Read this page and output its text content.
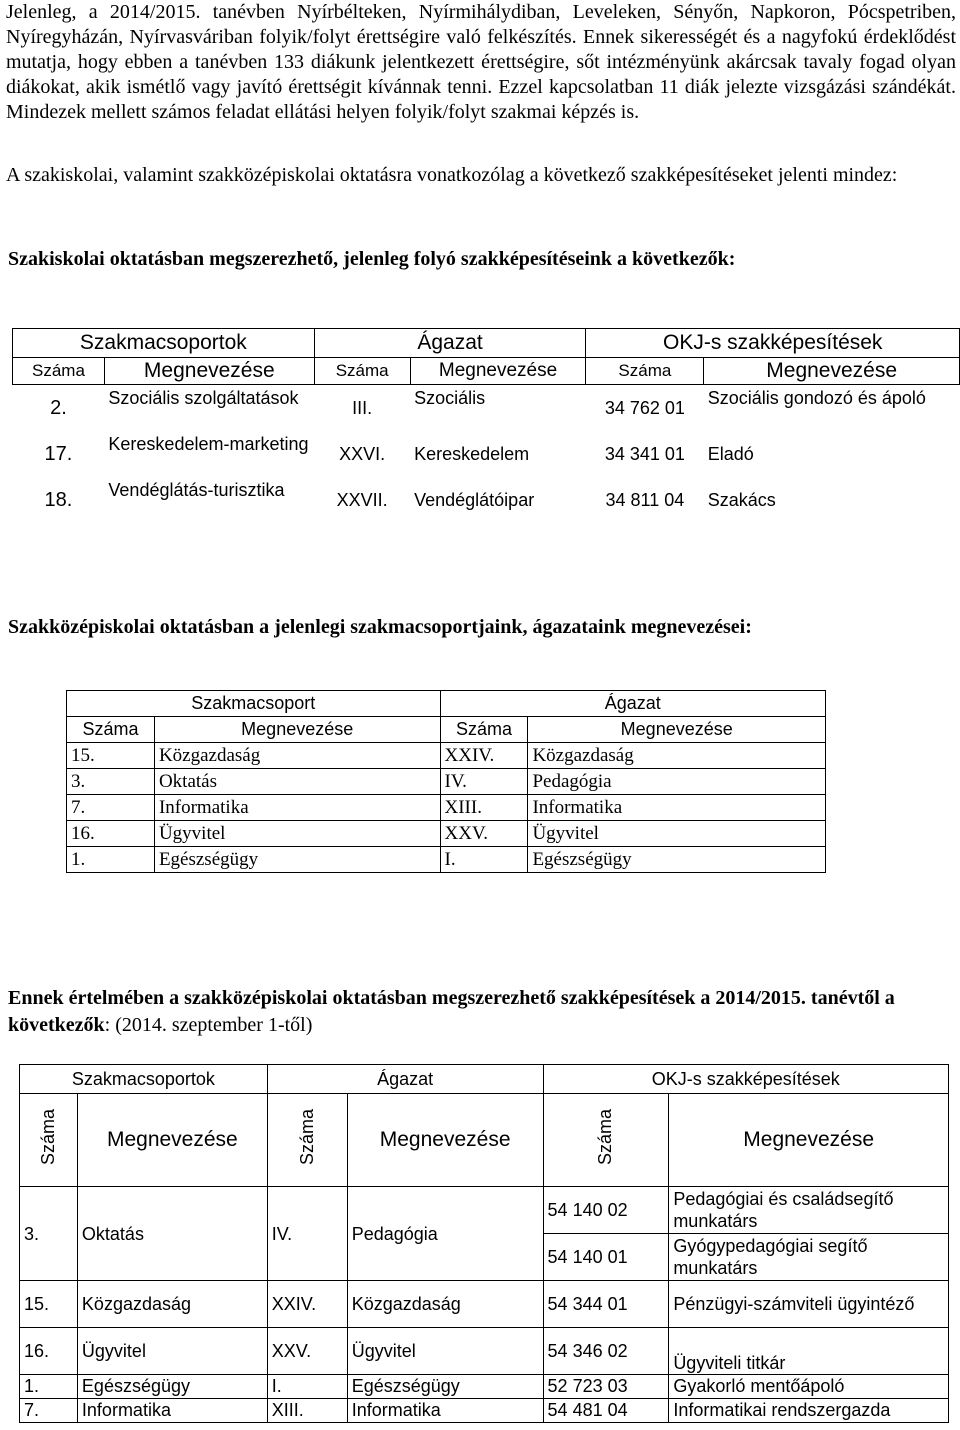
Jelenleg, a 2014/2015. tanévben Nyírbélteken, Nyírmihálydiban, Leveleken, Sényőn, Napkoron, Pócspetriben, Nyíregyházán, Nyírvasváriban folyik/folyt érettségire való felkészítés. Ennek sikerességét és a nagyfokú érdeklődést mutatja, hogy ebben a tanévben 133 diákunk jelentkezett érettségire, sőt intézményünk akárcsak tavaly fogad olyan diákokat, akik ismétlő vagy javító érettségit kívánnak tenni. Ezzel kapcsolatban 11 diák jelezte vizsgázási szándékát. Mindezek mellett számos feladat ellátási helyen folyik/folyt szakmai képzés is.

A szakiskolai, valamint szakközépiskolai oktatásra vonatkozólag a következő szakképesítéseket jelenti mindez:

Szakiskolai oktatásban megszerezhető, jelenleg folyó szakképesítéseink a következők:
Szakmacsoportok		Ágazat		OKJ-s szakképesítések	
Száma	Megnevezése	Száma	Megnevezése	Száma	Megnevezése
2.	Szociális szolgáltatások	III.	Szociális	34 762 01	Szociális gondozó és ápoló
17.	Kereskedelem-marketing	XXVI.	Kereskedelem	34 341 01	Eladó
18.	Vendéglátás-turisztika	XXVII.	Vendéglátóipar	34 811 04	Szakács
Szakközépiskolai oktatásban a jelenlegi szakmacsoportjaink, ágazataink megnevezései:
Szakmacsoport		Ágazat	
Száma	Megnevezése	Száma	Megnevezése
15.	Közgazdaság	XXIV.	Közgazdaság
3.	Oktatás	IV.	Pedagógia
7.	Informatika	XIII.	Informatika
16.	Ügyvitel	XXV.	Ügyvitel
1.	Egészségügy	I.	Egészségügy
Ennek értelmében a szakközépiskolai oktatásban megszerezhető szakképesítések a 2014/2015. tanévtől a következők: (2014. szeptember 1-től)
Szakmacsoportok		Ágazat		OKJ-s szakképesítések	
Száma	Megnevezése	Száma	Megnevezése	Száma	Megnevezése
3.	Oktatás	IV.	Pedagógia	54 140 02	Pedagógiai és családsegítő munkatárs
				54 140 01	Gyógypedagógiai segítő munkatárs
15.	Közgazdaság	XXIV.	Közgazdaság	54 344 01	Pénzügyi-számviteli ügyintéző
16.	Ügyvitel	XXV.	Ügyvitel	54 346 02	Ügyviteli titkár
1.	Egészségügy	I.	Egészségügy	52 723 03	Gyakorló mentőápoló
7.	Informatika	XIII.	Informatika	54 481 04	Informatikai rendszergazda
